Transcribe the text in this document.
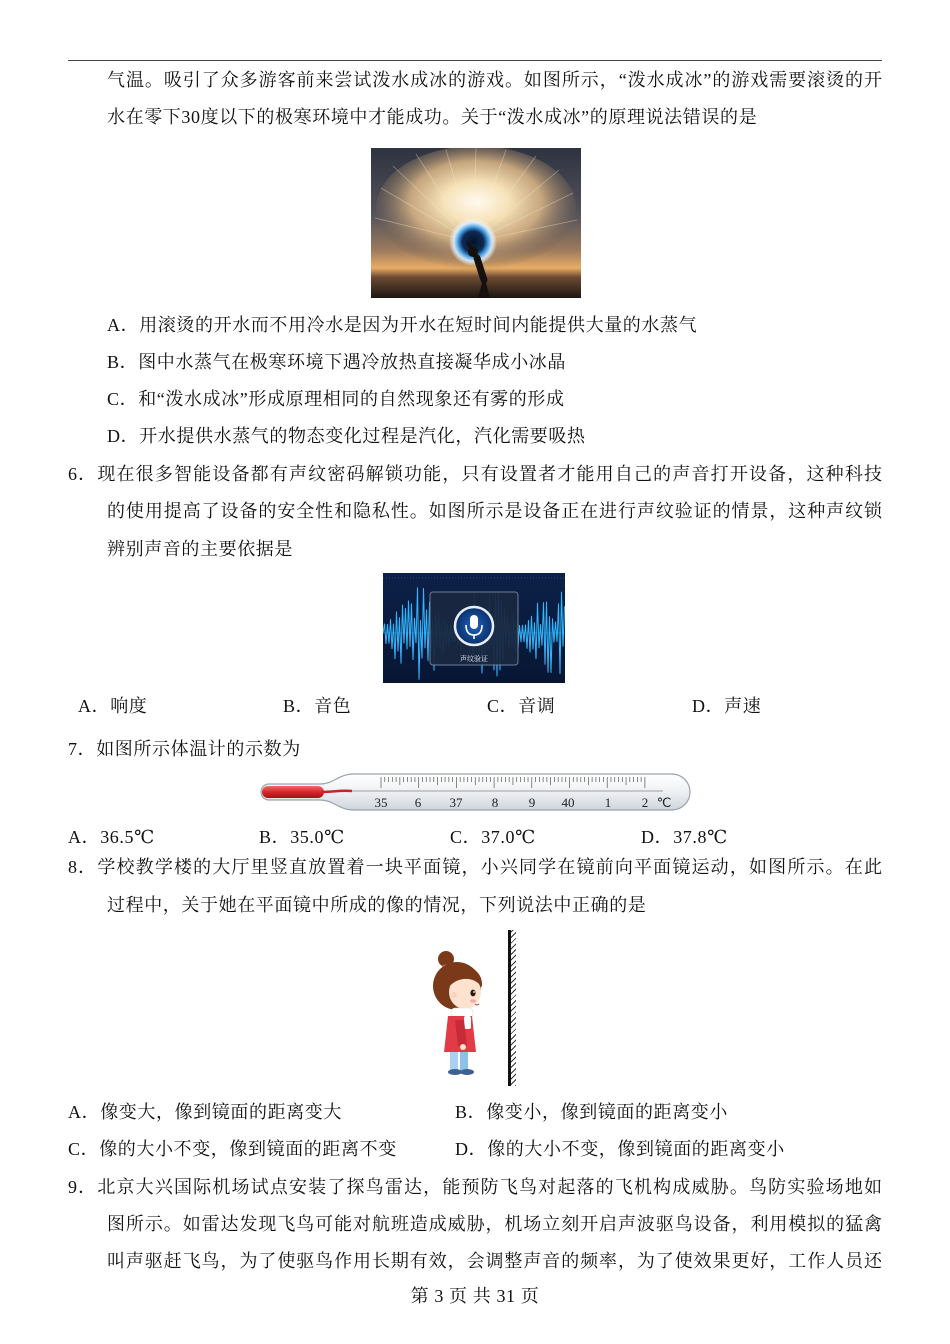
气温。吸引了众多游客前来尝试泼水成冰的游戏。如图所示，“泼水成冰”的游戏需要滚烫的开
水在零下30度以下的极寒环境中才能成功。关于“泼水成冰”的原理说法错误的是
A．用滚烫的开水而不用冷水是因为开水在短时间内能提供大量的水蒸气
B．图中水蒸气在极寒环境下遇冷放热直接凝华成小冰晶
C．和“泼水成冰”形成原理相同的自然现象还有雾的形成
D．开水提供水蒸气的物态变化过程是汽化，汽化需要吸热
6．现在很多智能设备都有声纹密码解锁功能，只有设置者才能用自己的声音打开设备，这种科技
的使用提高了设备的安全性和隐私性。如图所示是设备正在进行声纹验证的情景，这种声纹锁
辨别声音的主要依据是
声纹验证
A．响度	B．音色	C．音调	D．声速
7．如图所示体温计的示数为
35 6 37 8 9 40 1 2 ℃
A．36.5℃	B．35.0℃	C．37.0℃	D．37.8℃
8．学校教学楼的大厅里竖直放置着一块平面镜，小兴同学在镜前向平面镜运动，如图所示。在此
过程中，关于她在平面镜中所成的像的情况，下列说法中正确的是
A．像变大，像到镜面的距离变大	B．像变小，像到镜面的距离变小
C．像的大小不变，像到镜面的距离不变	D．像的大小不变，像到镜面的距离变小
9．北京大兴国际机场试点安装了探鸟雷达，能预防飞鸟对起落的飞机构成威胁。鸟防实验场地如
图所示。如雷达发现飞鸟可能对航班造成威胁，机场立刻开启声波驱鸟设备，利用模拟的猛禽
叫声驱赶飞鸟，为了使驱鸟作用长期有效，会调整声音的频率，为了使效果更好，工作人员还
第 3 页 共 31 页
